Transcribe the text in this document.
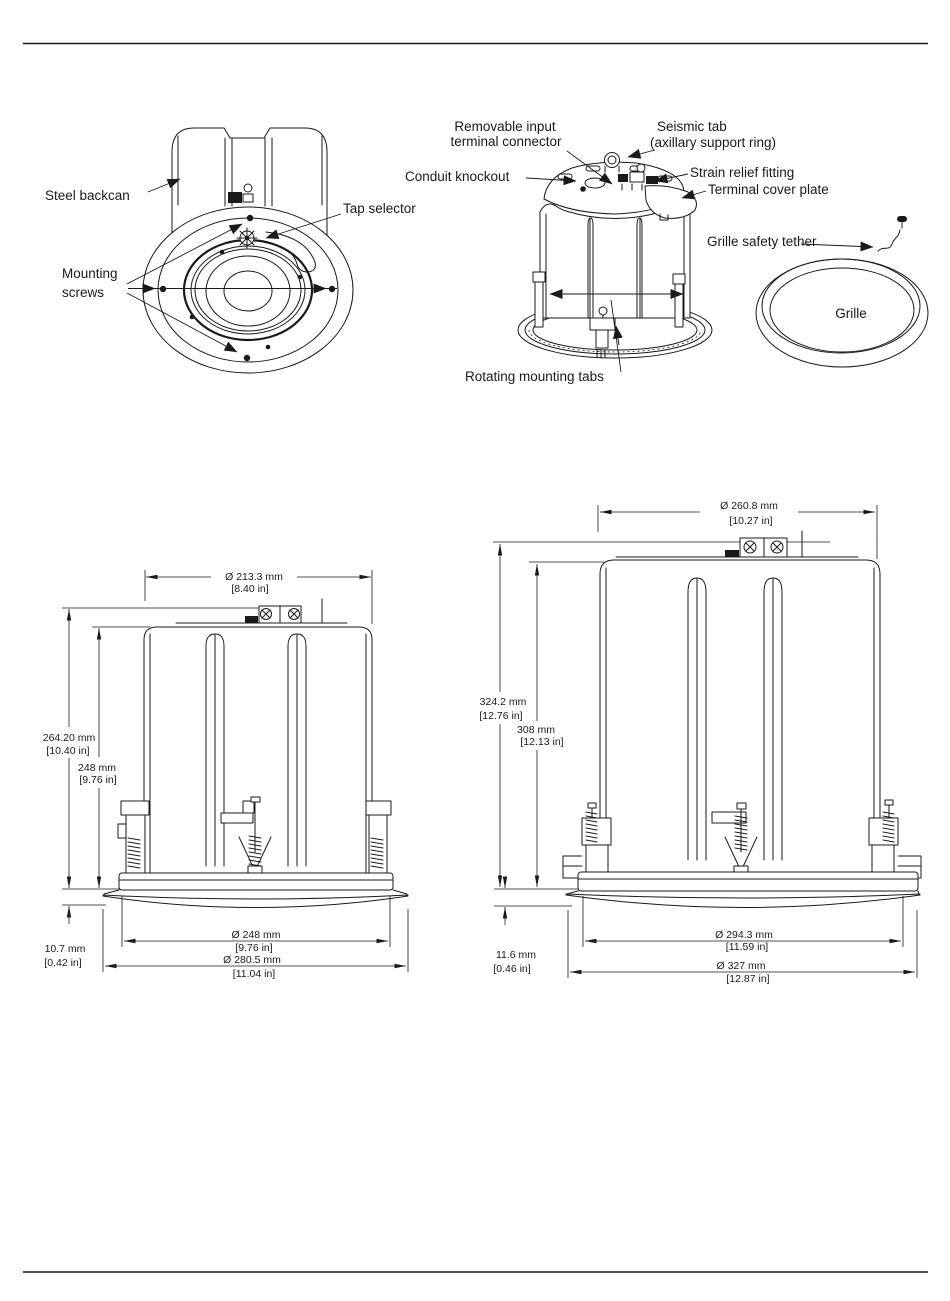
Steel backcan
Tap selector
Mounting
screws
Removable input
terminal connector
Seismic tab
(axillary support ring)
Conduit knockout	Strain relief fitting
Terminal cover plate
Grille safety tether
Grille
Rotating mounting tabs
Ø 213.3 mm
[8.40 in]
264.20 mm
[10.40 in]
248 mm
[9.76 in]
10.7 mm
[0.42 in]
Ø 248 mm
[9.76 in]
Ø 280.5 mm
[11.04 in]
Ø 260.8 mm
[10.27 in]
324.2 mm
[12.76 in]
308 mm
[12.13 in]
11.6 mm
[0.46 in]
Ø 294.3 mm
[11.59 in]
Ø 327 mm
[12.87 in]
